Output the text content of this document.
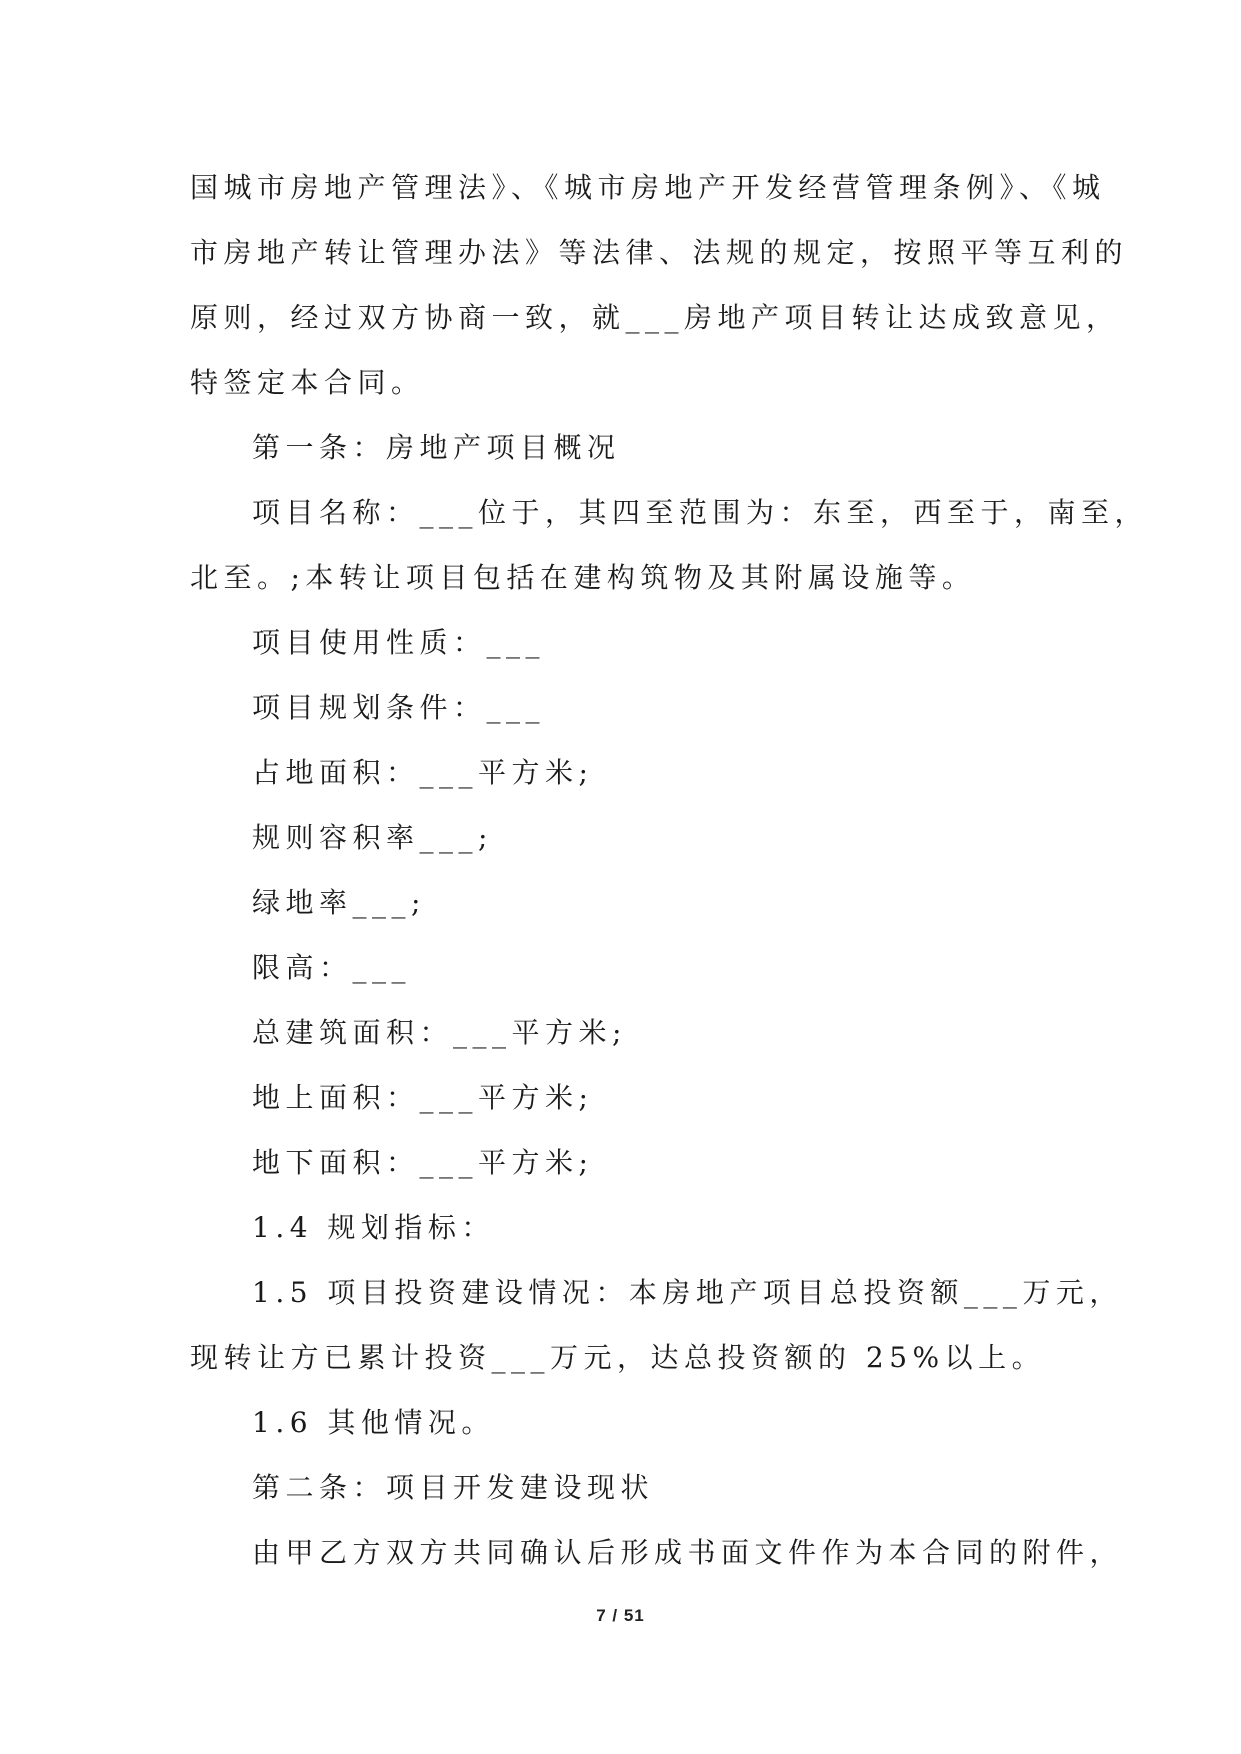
国城市房地产管理法》、《城市房地产开发经营管理条例》、《城
市房地产转让管理办法》等法律、法规的规定，按照平等互利的
原则，经过双方协商一致，就___房地产项目转让达成致意见，
特签定本合同。
第一条：房地产项目概况
项目名称：___位于，其四至范围为：东至，西至于，南至，
北至。;本转让项目包括在建构筑物及其附属设施等。
项目使用性质：___
项目规划条件：___
占地面积：___平方米;
规则容积率___;
绿地率___;
限高：___
总建筑面积：___平方米;
地上面积：___平方米;
地下面积：___平方米;
1.4 规划指标：
1.5 项目投资建设情况：本房地产项目总投资额___万元，
现转让方已累计投资___万元，达总投资额的 25%以上。
1.6 其他情况。
第二条：项目开发建设现状
由甲乙方双方共同确认后形成书面文件作为本合同的附件，
7 / 51
